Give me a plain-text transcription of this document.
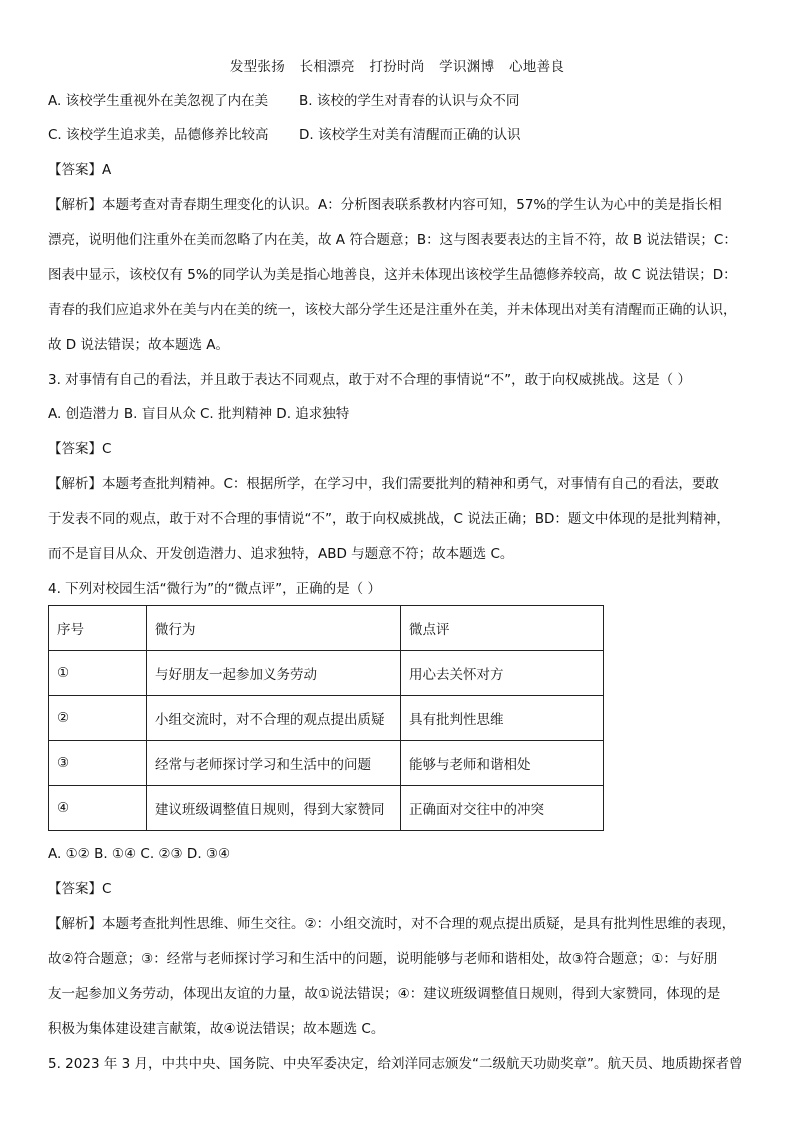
发型张扬 长相漂亮 打扮时尚 学识渊博 心地善良
A. 该校学生重视外在美忽视了内在美 B. 该校的学生对青春的认识与众不同
C. 该校学生追求美，品德修养比较高 D. 该校学生对美有清醒而正确的认识
【答案】A
【解析】本题考查对青春期生理变化的认识。A：分析图表联系教材内容可知，57%的学生认为心中的美是指长相
漂亮，说明他们注重外在美而忽略了内在美，故 A 符合题意；B：这与图表要表达的主旨不符，故 B 说法错误；C：
图表中显示，该校仅有 5%的同学认为美是指心地善良，这并未体现出该校学生品德修养较高，故 C 说法错误；D：
青春的我们应追求外在美与内在美的统一，该校大部分学生还是注重外在美，并未体现出对美有清醒而正确的认识，
故 D 说法错误；故本题选 A。
3. 对事情有自己的看法，并且敢于表达不同观点，敢于对不合理的事情说“不”，敢于向权威挑战。这是（ ）
A. 创造潜力 B. 盲目从众 C. 批判精神 D. 追求独特
【答案】C
【解析】本题考查批判精神。C：根据所学，在学习中，我们需要批判的精神和勇气，对事情有自己的看法，要敢
于发表不同的观点，敢于对不合理的事情说“不”，敢于向权威挑战，C 说法正确；BD：题文中体现的是批判精神，
而不是盲目从众、开发创造潜力、追求独特，ABD 与题意不符；故本题选 C。
4. 下列对校园生活“微行为”的“微点评”，正确的是（ ）
序号	微行为	微点评
①	与好朋友一起参加义务劳动	用心去关怀对方
②	小组交流时，对不合理的观点提出质疑	具有批判性思维
③	经常与老师探讨学习和生活中的问题	能够与老师和谐相处
④	建议班级调整值日规则，得到大家赞同	正确面对交往中的冲突
A. ①② B. ①④ C. ②③ D. ③④
【答案】C
【解析】本题考查批判性思维、师生交往。②：小组交流时，对不合理的观点提出质疑，是具有批判性思维的表现，
故②符合题意；③：经常与老师探讨学习和生活中的问题，说明能够与老师和谐相处，故③符合题意；①：与好朋
友一起参加义务劳动，体现出友谊的力量，故①说法错误；④：建议班级调整值日规则，得到大家赞同，体现的是
积极为集体建设建言献策，故④说法错误；故本题选 C。
5. 2023 年 3 月，中共中央、国务院、中央军委决定，给刘洋同志颁发“二级航天功勋奖章”。航天员、地质勘探者曾
